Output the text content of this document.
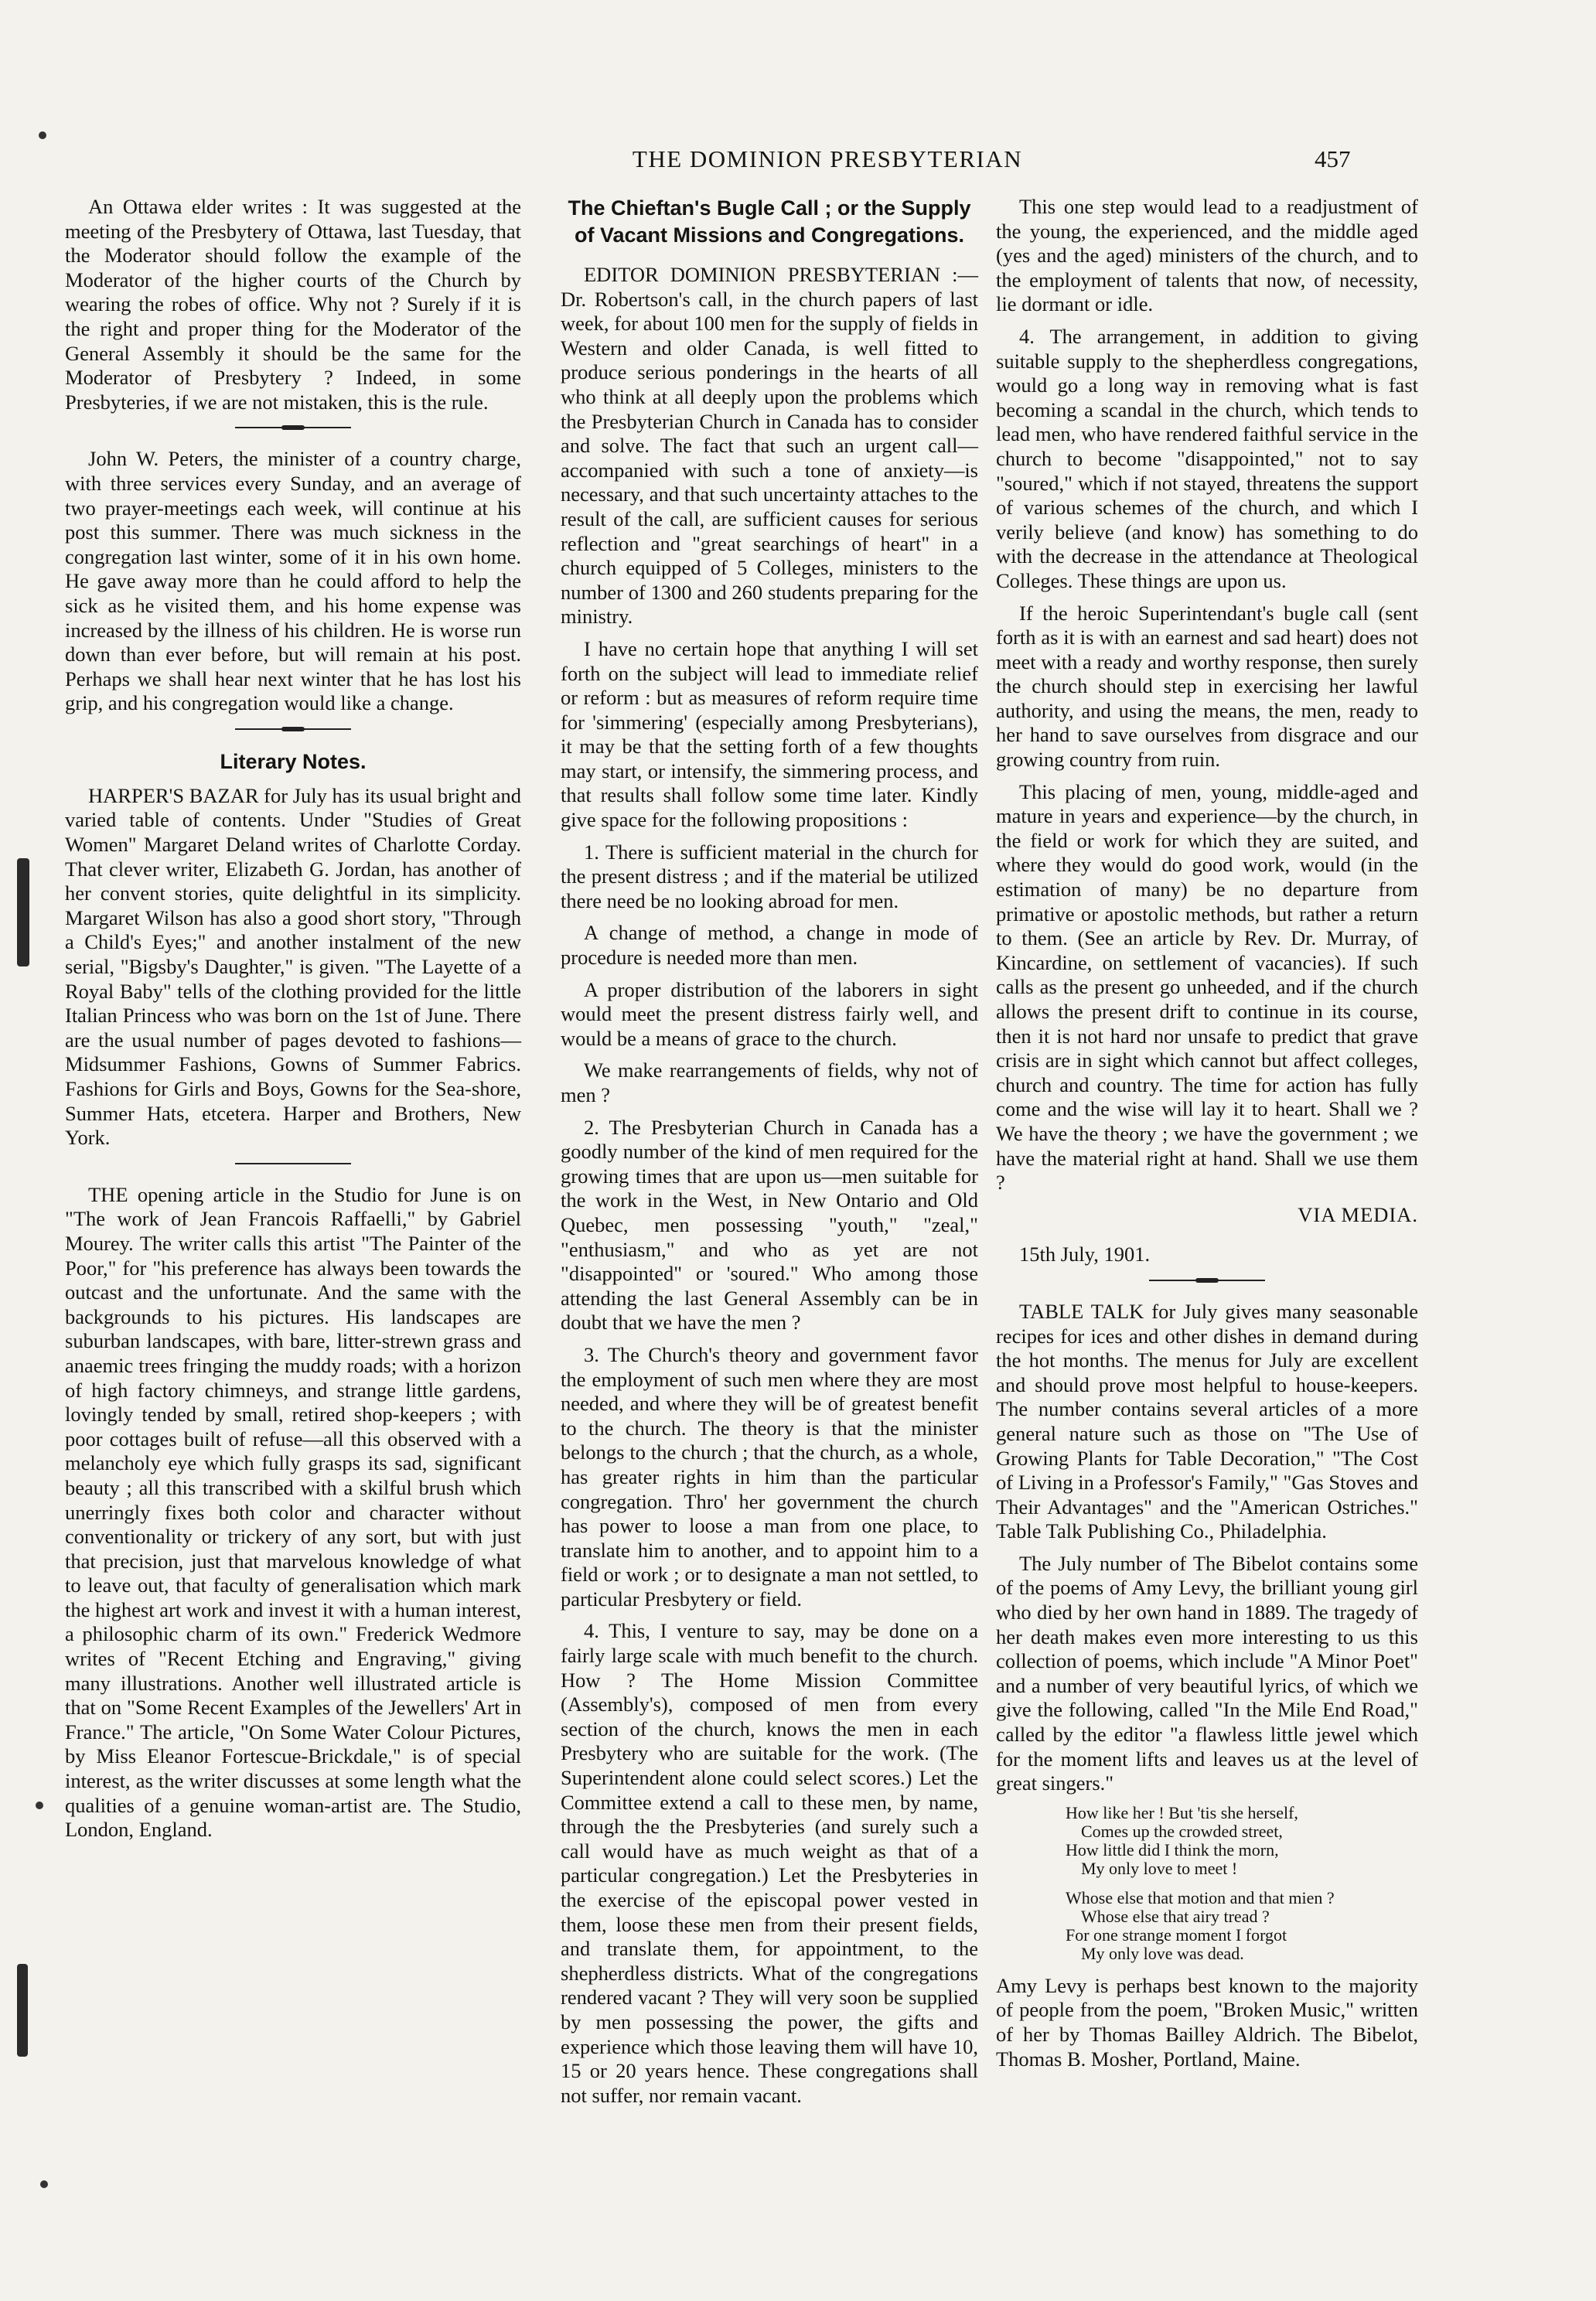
THE DOMINION PRESBYTERIAN	457

An Ottawa elder writes : It was suggested at the meeting of the Presbytery of Ottawa, last Tuesday, that the Moderator should follow the example of the Moderator of the higher courts of the Church by wearing the robes of office. Why not ? Surely if it is the right and proper thing for the Moderator of the General Assembly it should be the same for the Moderator of Presbytery ? Indeed, in some Presbyteries, if we are not mistaken, this is the rule.

John W. Peters, the minister of a country charge, with three services every Sunday, and an average of two prayer-meetings each week, will continue at his post this summer. There was much sickness in the congregation last winter, some of it in his own home. He gave away more than he could afford to help the sick as he visited them, and his home expense was increased by the illness of his children. He is worse run down than ever before, but will remain at his post. Perhaps we shall hear next winter that he has lost his grip, and his congregation would like a change.

Literary Notes.

HARPER'S BAZAR for July has its usual bright and varied table of contents. Under "Studies of Great Women" Margaret Deland writes of Charlotte Corday. That clever writer, Elizabeth G. Jordan, has another of her convent stories, quite delightful in its simplicity. Margaret Wilson has also a good short story, "Through a Child's Eyes;" and another instalment of the new serial, "Bigsby's Daughter," is given. "The Layette of a Royal Baby" tells of the clothing provided for the little Italian Princess who was born on the 1st of June. There are the usual number of pages devoted to fashions—Midsummer Fashions, Gowns of Summer Fabrics. Fashions for Girls and Boys, Gowns for the Sea-shore, Summer Hats, etcetera. Harper and Brothers, New York.

THE opening article in the Studio for June is on "The work of Jean Francois Raffaelli," by Gabriel Mourey. The writer calls this artist "The Painter of the Poor," for "his preference has always been towards the outcast and the unfortunate. And the same with the backgrounds to his pictures. His landscapes are suburban landscapes, with bare, litter-strewn grass and anaemic trees fringing the muddy roads; with a horizon of high factory chimneys, and strange little gardens, lovingly tended by small, retired shop-keepers ; with poor cottages built of refuse—all this observed with a melancholy eye which fully grasps its sad, significant beauty ; all this transcribed with a skilful brush which unerringly fixes both color and character without conventionality or trickery of any sort, but with just that precision, just that marvelous knowledge of what to leave out, that faculty of generalisation which mark the highest art work and invest it with a human interest, a philosophic charm of its own." Frederick Wedmore writes of "Recent Etching and Engraving," giving many illustrations. Another well illustrated article is that on "Some Recent Examples of the Jewellers' Art in France." The article, "On Some Water Colour Pictures, by Miss Eleanor Fortescue-Brickdale," is of special interest, as the writer discusses at some length what the qualities of a genuine woman-artist are. The Studio, London, England.

The Chieftan's Bugle Call ; or the Supply of Vacant Missions and Congregations.

EDITOR DOMINION PRESBYTERIAN :—Dr. Robertson's call, in the church papers of last week, for about 100 men for the supply of fields in Western and older Canada, is well fitted to produce serious ponderings in the hearts of all who think at all deeply upon the problems which the Presbyterian Church in Canada has to consider and solve. The fact that such an urgent call—accompanied with such a tone of anxiety—is necessary, and that such uncertainty attaches to the result of the call, are sufficient causes for serious reflection and "great searchings of heart" in a church equipped of 5 Colleges, ministers to the number of 1300 and 260 students preparing for the ministry.

I have no certain hope that anything I will set forth on the subject will lead to immediate relief or reform : but as measures of reform require time for 'simmering' (especially among Presbyterians), it may be that the setting forth of a few thoughts may start, or intensify, the simmering process, and that results shall follow some time later. Kindly give space for the following propositions :

1. There is sufficient material in the church for the present distress ; and if the material be utilized there need be no looking abroad for men.

A change of method, a change in mode of procedure is needed more than men.

A proper distribution of the laborers in sight would meet the present distress fairly well, and would be a means of grace to the church.

We make rearrangements of fields, why not of men ?

2. The Presbyterian Church in Canada has a goodly number of the kind of men required for the growing times that are upon us—men suitable for the work in the West, in New Ontario and Old Quebec, men possessing "youth," "zeal," "enthusiasm," and who as yet are not "disappointed" or 'soured." Who among those attending the last General Assembly can be in doubt that we have the men ?

3. The Church's theory and government favor the employment of such men where they are most needed, and where they will be of greatest benefit to the church. The theory is that the minister belongs to the church ; that the church, as a whole, has greater rights in him than the particular congregation. Thro' her government the church has power to loose a man from one place, to translate him to another, and to appoint him to a field or work ; or to designate a man not settled, to particular Presbytery or field.

4. This, I venture to say, may be done on a fairly large scale with much benefit to the church. How ? The Home Mission Committee (Assembly's), composed of men from every section of the church, knows the men in each Presbytery who are suitable for the work. (The Superintendent alone could select scores.) Let the Committee extend a call to these men, by name, through the the Presbyteries (and surely such a call would have as much weight as that of a particular congregation.) Let the Presbyteries in the exercise of the episcopal power vested in them, loose these men from their present fields, and translate them, for appointment, to the shepherdless districts. What of the congregations rendered vacant ? They will very soon be supplied by men possessing the power, the gifts and experience which those leaving them will have 10, 15 or 20 years hence. These congregations shall not suffer, nor remain vacant.

This one step would lead to a readjustment of the young, the experienced, and the middle aged (yes and the aged) ministers of the church, and to the employment of talents that now, of necessity, lie dormant or idle.

4. The arrangement, in addition to giving suitable supply to the shepherdless congregations, would go a long way in removing what is fast becoming a scandal in the church, which tends to lead men, who have rendered faithful service in the church to become "disappointed," not to say "soured," which if not stayed, threatens the support of various schemes of the church, and which I verily believe (and know) has something to do with the decrease in the attendance at Theological Colleges. These things are upon us.

If the heroic Superintendant's bugle call (sent forth as it is with an earnest and sad heart) does not meet with a ready and worthy response, then surely the church should step in exercising her lawful authority, and using the means, the men, ready to her hand to save ourselves from disgrace and our growing country from ruin.

This placing of men, young, middle-aged and mature in years and experience—by the church, in the field or work for which they are suited, and where they would do good work, would (in the estimation of many) be no departure from primative or apostolic methods, but rather a return to them. (See an article by Rev. Dr. Murray, of Kincardine, on settlement of vacancies). If such calls as the present go unheeded, and if the church allows the present drift to continue in its course, then it is not hard nor unsafe to predict that grave crisis are in sight which cannot but affect colleges, church and country. The time for action has fully come and the wise will lay it to heart. Shall we ? We have the theory ; we have the government ; we have the material right at hand. Shall we use them ?

VIA MEDIA.
15th July, 1901.

TABLE TALK for July gives many seasonable recipes for ices and other dishes in demand during the hot months. The menus for July are excellent and should prove most helpful to house-keepers. The number contains several articles of a more general nature such as those on "The Use of Growing Plants for Table Decoration," "The Cost of Living in a Professor's Family," "Gas Stoves and Their Advantages" and the "American Ostriches." Table Talk Publishing Co., Philadelphia.

The July number of The Bibelot contains some of the poems of Amy Levy, the brilliant young girl who died by her own hand in 1889. The tragedy of her death makes even more interesting to us this collection of poems, which include "A Minor Poet" and a number of very beautiful lyrics, of which we give the following, called "In the Mile End Road," called by the editor "a flawless little jewel which for the moment lifts and leaves us at the level of great singers."

How like her ! But 'tis she herself,
Comes up the crowded street,
How little did I think the morn,
My only love to meet !
Whose else that motion and that mien ?
Whose else that airy tread ?
For one strange moment I forgot
My only love was dead.

Amy Levy is perhaps best known to the majority of people from the poem, "Broken Music," written of her by Thomas Bailley Aldrich. The Bibelot, Thomas B. Mosher, Portland, Maine.
